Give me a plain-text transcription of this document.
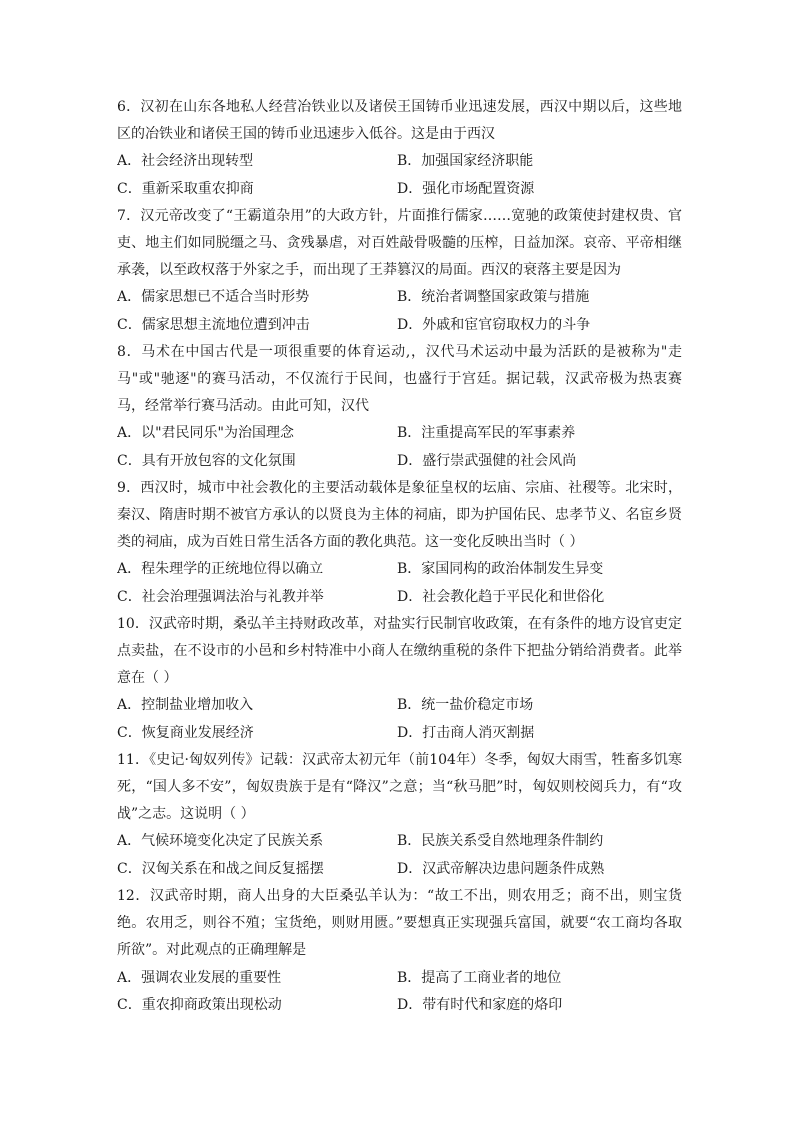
6．汉初在山东各地私人经营冶铁业以及诸侯王国铸币业迅速发展，西汉中期以后，这些地区的冶铁业和诸侯王国的铸币业迅速步入低谷。这是由于西汉

A．社会经济出现转型	B．加强国家经济职能
C．重新采取重农抑商	D．强化市场配置资源

7．汉元帝改变了“王霸道杂用”的大政方针，片面推行儒家……宽驰的政策使封建权贵、官吏、地主们如同脱缰之马、贪残暴虐，对百姓敲骨吸髓的压榨，日益加深。哀帝、平帝相继承袭，以至政权落于外家之手，而出现了王莽篡汉的局面。西汉的衰落主要是因为

A．儒家思想已不适合当时形势	B．统治者调整国家政策与措施
C．儒家思想主流地位遭到冲击	D．外戚和宦官窃取权力的斗争

8．马术在中国古代是一项很重要的体育运动,，汉代马术运动中最为活跃的是被称为"走马"或"驰逐"的赛马活动，不仅流行于民间，也盛行于宫廷。据记载，汉武帝极为热衷赛马，经常举行赛马活动。由此可知，汉代

A．以"君民同乐"为治国理念	B．注重提高军民的军事素养
C．具有开放包容的文化氛围	D．盛行崇武强健的社会风尚

9．西汉时，城市中社会教化的主要活动载体是象征皇权的坛庙、宗庙、社稷等。北宋时，秦汉、隋唐时期不被官方承认的以贤良为主体的祠庙，即为护国佑民、忠孝节义、名宦乡贤类的祠庙，成为百姓日常生活各方面的教化典范。这一变化反映出当时（ ）

A．程朱理学的正统地位得以确立	B．家国同构的政治体制发生异变
C．社会治理强调法治与礼教并举	D．社会教化趋于平民化和世俗化

10．汉武帝时期，桑弘羊主持财政改革，对盐实行民制官收政策，在有条件的地方设官吏定点卖盐，在不设市的小邑和乡村特准中小商人在缴纳重税的条件下把盐分销给消费者。此举意在（ ）

A．控制盐业增加收入	B．统一盐价稳定市场
C．恢复商业发展经济	D．打击商人消灭割据

11．《史记·匈奴列传》记载：汉武帝太初元年（前104年）冬季，匈奴大雨雪，牲畜多饥寒死，“国人多不安”，匈奴贵族于是有“降汉”之意；当“秋马肥”时，匈奴则校阅兵力，有“攻战”之志。这说明（ ）

A．气候环境变化决定了民族关系	B．民族关系受自然地理条件制约
C．汉匈关系在和战之间反复摇摆	D．汉武帝解决边患问题条件成熟

12．汉武帝时期，商人出身的大臣桑弘羊认为：“故工不出，则农用乏；商不出，则宝货绝。农用乏，则谷不殖；宝货绝，则财用匮。”要想真正实现强兵富国，就要“农工商均各取所欲”。对此观点的正确理解是

A．强调农业发展的重要性	B．提高了工商业者的地位
C．重农抑商政策出现松动	D．带有时代和家庭的烙印
